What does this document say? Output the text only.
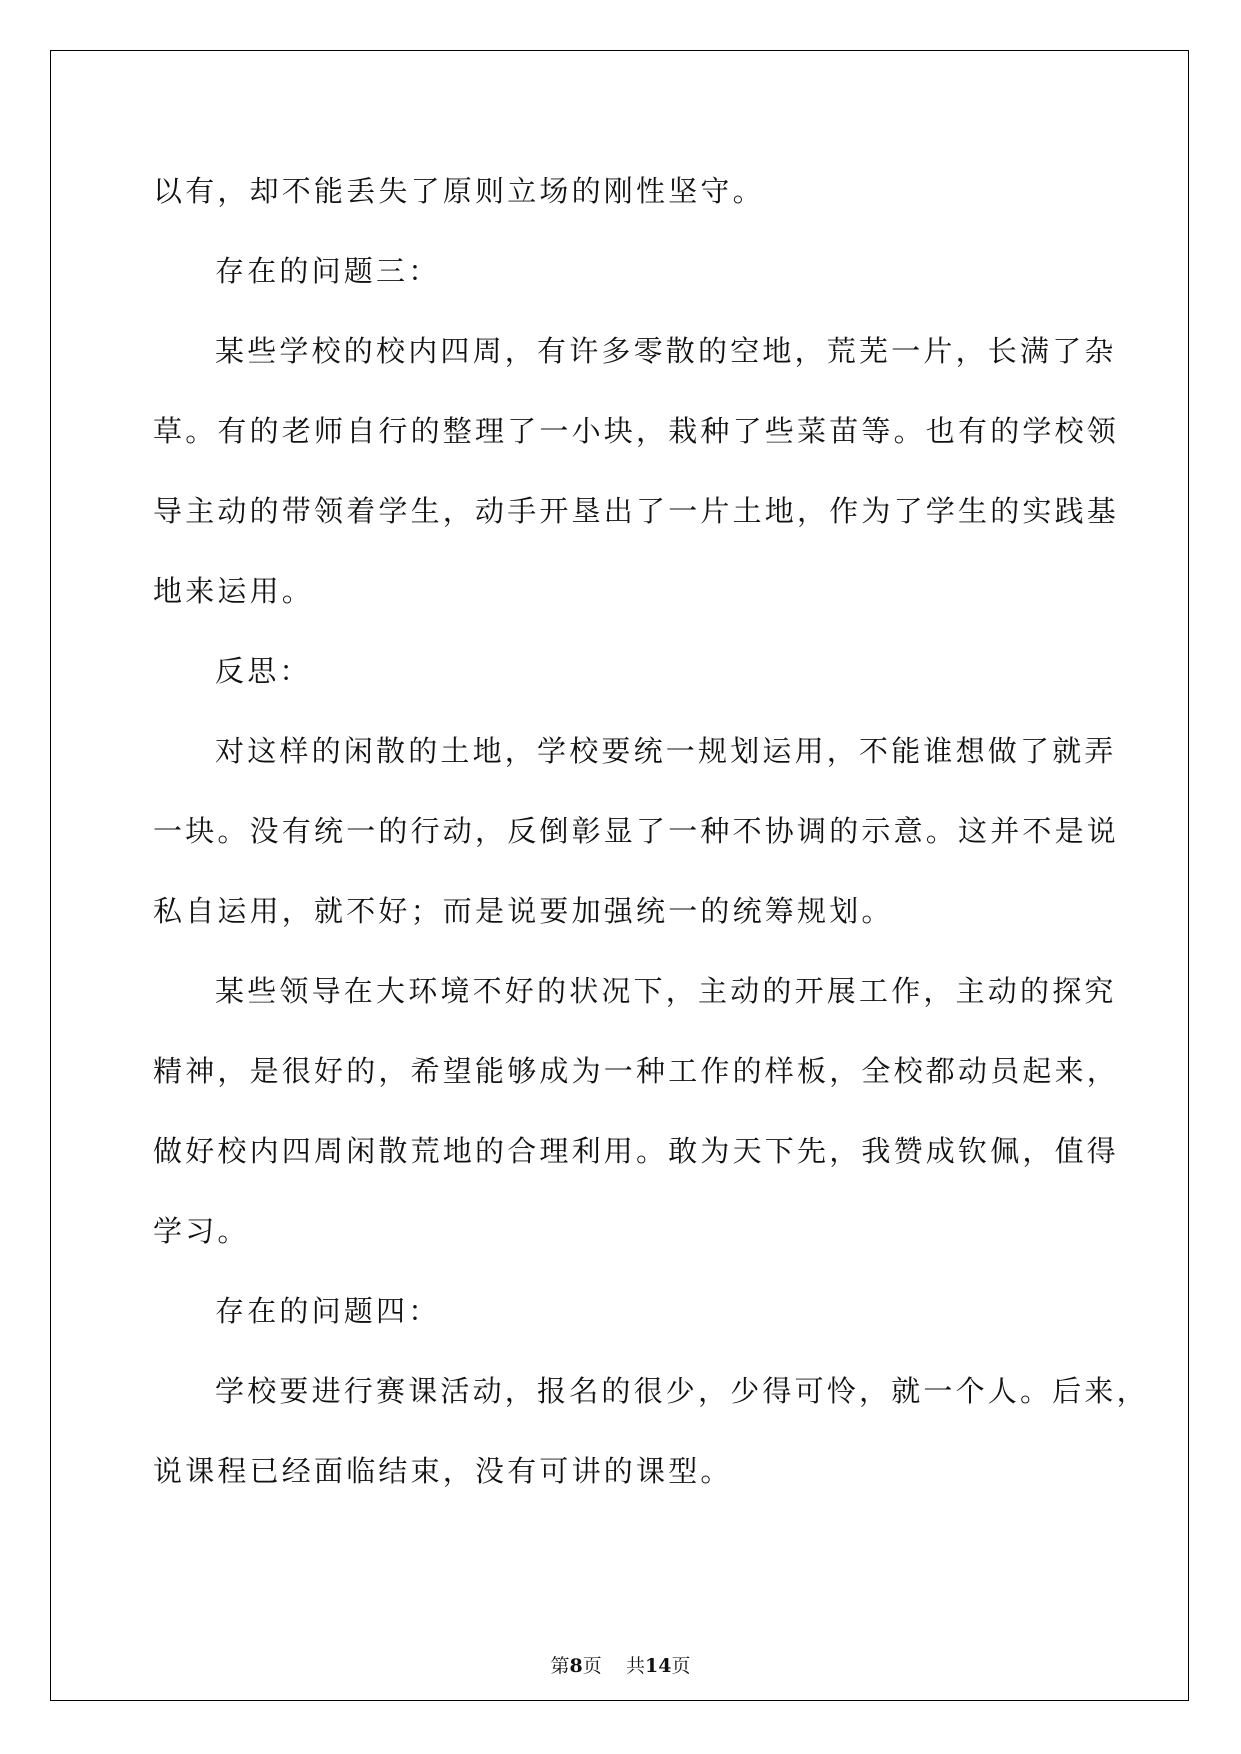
以有，却不能丢失了原则立场的刚性坚守。
存在的问题三：
某些学校的校内四周，有许多零散的空地，荒芜一片，长满了杂
草。有的老师自行的整理了一小块，栽种了些菜苗等。也有的学校领
导主动的带领着学生，动手开垦出了一片土地，作为了学生的实践基
地来运用。
反思：
对这样的闲散的土地，学校要统一规划运用，不能谁想做了就弄
一块。没有统一的行动，反倒彰显了一种不协调的示意。这并不是说
私自运用，就不好；而是说要加强统一的统筹规划。
某些领导在大环境不好的状况下，主动的开展工作，主动的探究
精神，是很好的，希望能够成为一种工作的样板，全校都动员起来，
做好校内四周闲散荒地的合理利用。敢为天下先，我赞成钦佩，值得
学习。
存在的问题四：
学校要进行赛课活动，报名的很少，少得可怜，就一个人。后来，
说课程已经面临结束，没有可讲的课型。
第8页 共14页
